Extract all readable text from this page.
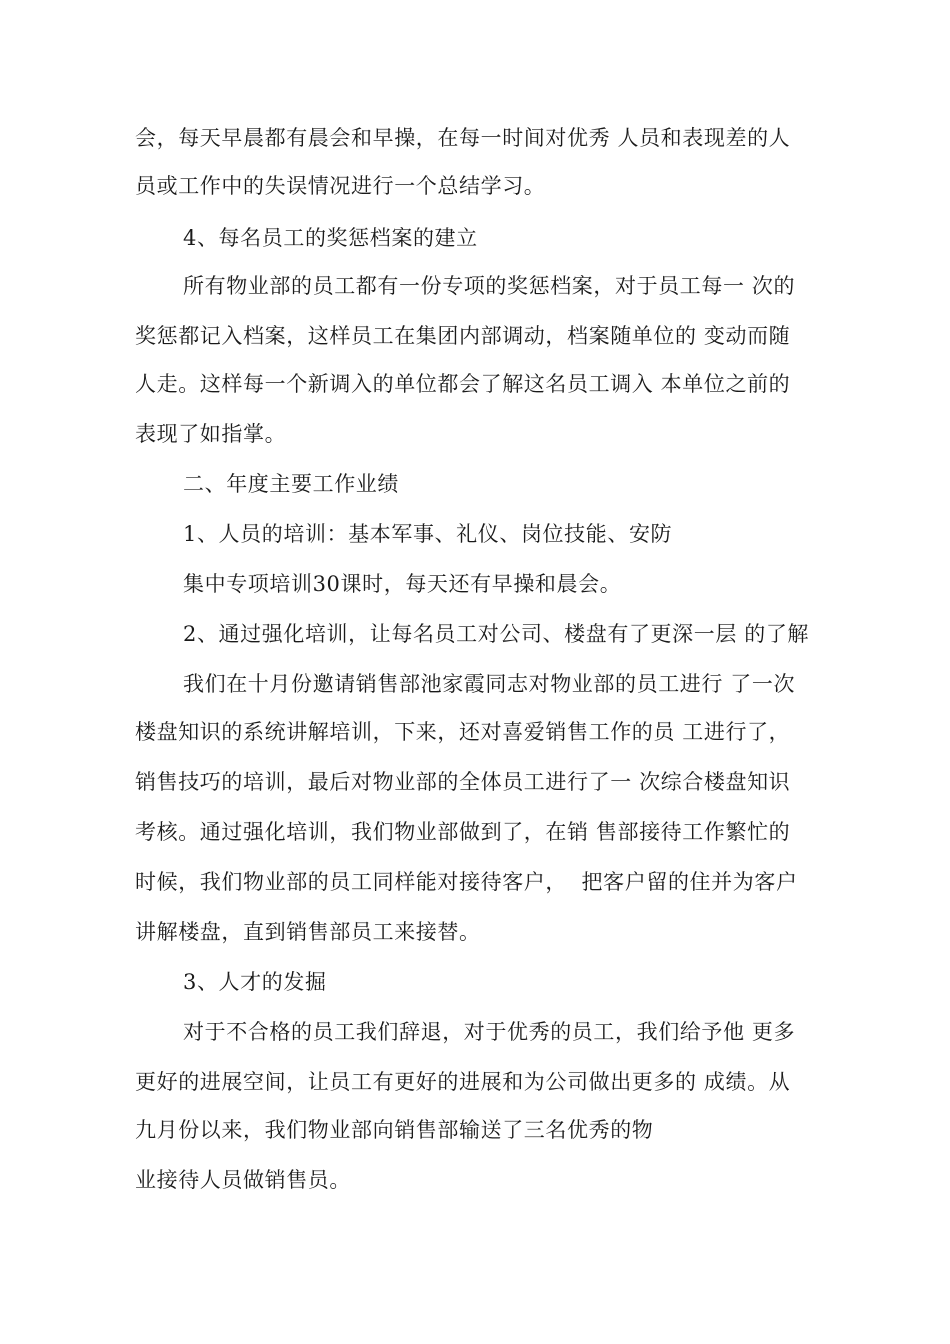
会，每天早晨都有晨会和早操，在每一时间对优秀 人员和表现差的人
员或工作中的失误情况进行一个总结学习。
4、每名员工的奖惩档案的建立
所有物业部的员工都有一份专项的奖惩档案，对于员工每一 次的
奖惩都记入档案，这样员工在集团内部调动，档案随单位的 变动而随
人走。这样每一个新调入的单位都会了解这名员工调入 本单位之前的
表现了如指掌。
二、年度主要工作业绩
1、人员的培训：基本军事、礼仪、岗位技能、安防
集中专项培训30课时，每天还有早操和晨会。
2、通过强化培训，让每名员工对公司、楼盘有了更深一层 的了解
我们在十月份邀请销售部池家霞同志对物业部的员工进行 了一次
楼盘知识的系统讲解培训，下来，还对喜爱销售工作的员 工进行了，
销售技巧的培训，最后对物业部的全体员工进行了一 次综合楼盘知识
考核。通过强化培训，我们物业部做到了，在销 售部接待工作繁忙的
时候，我们物业部的员工同样能对接待客户，  把客户留的住并为客户
讲解楼盘，直到销售部员工来接替。
3、人才的发掘
对于不合格的员工我们辞退，对于优秀的员工，我们给予他 更多
更好的进展空间，让员工有更好的进展和为公司做出更多的 成绩。从
九月份以来，我们物业部向销售部输送了三名优秀的物
业接待人员做销售员。
